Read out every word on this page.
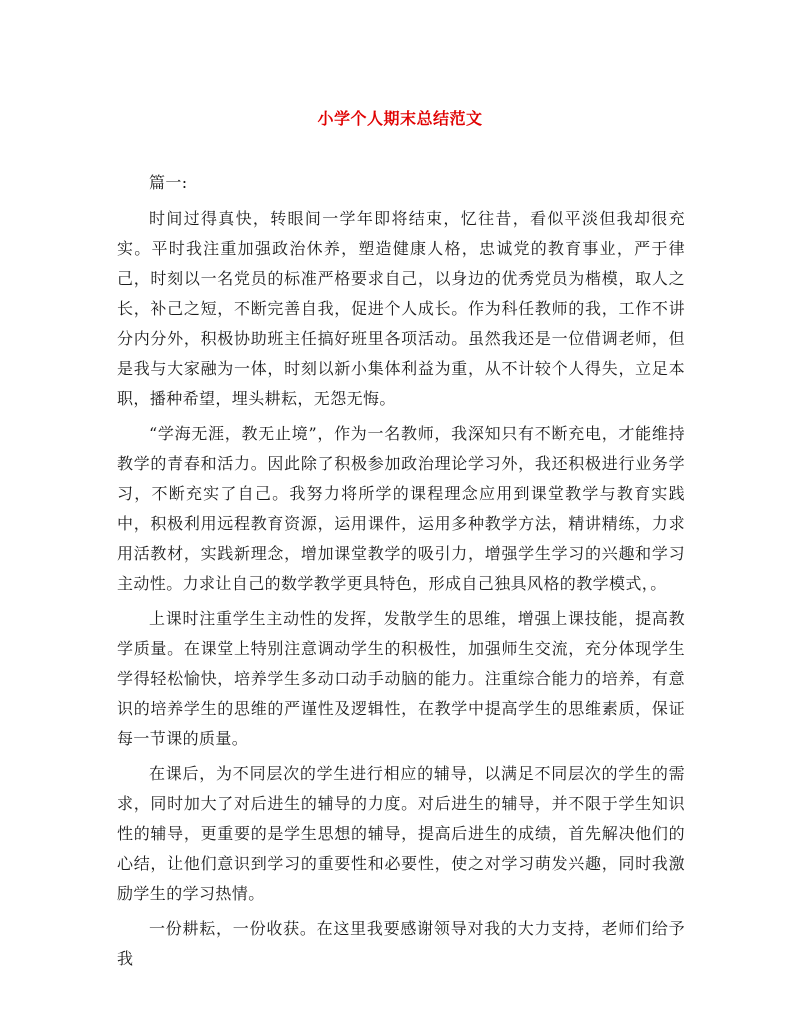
小学个人期末总结范文

篇一:

时间过得真快，转眼间一学年即将结束，忆往昔，看似平淡但我却很充实。平时我注重加强政治休养，塑造健康人格，忠诚党的教育事业，严于律己，时刻以一名党员的标准严格要求自己，以身边的优秀党员为楷模，取人之长，补己之短，不断完善自我，促进个人成长。作为科任教师的我，工作不讲分内分外，积极协助班主任搞好班里各项活动。虽然我还是一位借调老师，但是我与大家融为一体，时刻以新小集体利益为重，从不计较个人得失，立足本职，播种希望，埋头耕耘，无怨无悔。

“学海无涯，教无止境”，作为一名教师，我深知只有不断充电，才能维持教学的青春和活力。因此除了积极参加政治理论学习外，我还积极进行业务学习，不断充实了自己。我努力将所学的课程理念应用到课堂教学与教育实践中，积极利用远程教育资源，运用课件，运用多种教学方法，精讲精练，力求用活教材，实践新理念，增加课堂教学的吸引力，增强学生学习的兴趣和学习主动性。力求让自己的数学教学更具特色，形成自己独具风格的教学模式，。

上课时注重学生主动性的发挥，发散学生的思维，增强上课技能，提高教学质量。在课堂上特别注意调动学生的积极性，加强师生交流，充分体现学生学得轻松愉快，培养学生多动口动手动脑的能力。注重综合能力的培养，有意识的培养学生的思维的严谨性及逻辑性，在教学中提高学生的思维素质，保证每一节课的质量。

在课后，为不同层次的学生进行相应的辅导，以满足不同层次的学生的需求，同时加大了对后进生的辅导的力度。对后进生的辅导，并不限于学生知识性的辅导，更重要的是学生思想的辅导，提高后进生的成绩，首先解决他们的心结，让他们意识到学习的重要性和必要性，使之对学习萌发兴趣，同时我激励学生的学习热情。

一份耕耘，一份收获。在这里我要感谢领导对我的大力支持，老师们给予我
